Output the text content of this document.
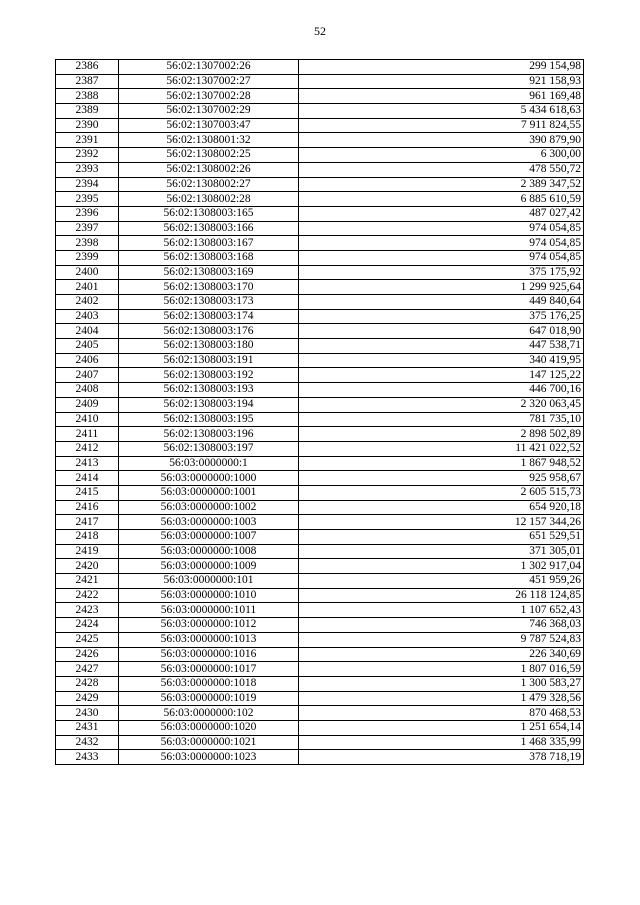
52
2386	56:02:1307002:26	299 154,98
2387	56:02:1307002:27	921 158,93
2388	56:02:1307002:28	961 169,48
2389	56:02:1307002:29	5 434 618,63
2390	56:02:1307003:47	7 911 824,55
2391	56:02:1308001:32	390 879,90
2392	56:02:1308002:25	6 300,00
2393	56:02:1308002:26	478 550,72
2394	56:02:1308002:27	2 389 347,52
2395	56:02:1308002:28	6 885 610,59
2396	56:02:1308003:165	487 027,42
2397	56:02:1308003:166	974 054,85
2398	56:02:1308003:167	974 054,85
2399	56:02:1308003:168	974 054,85
2400	56:02:1308003:169	375 175,92
2401	56:02:1308003:170	1 299 925,64
2402	56:02:1308003:173	449 840,64
2403	56:02:1308003:174	375 176,25
2404	56:02:1308003:176	647 018,90
2405	56:02:1308003:180	447 538,71
2406	56:02:1308003:191	340 419,95
2407	56:02:1308003:192	147 125,22
2408	56:02:1308003:193	446 700,16
2409	56:02:1308003:194	2 320 063,45
2410	56:02:1308003:195	781 735,10
2411	56:02:1308003:196	2 898 502,89
2412	56:02:1308003:197	11 421 022,52
2413	56:03:0000000:1	1 867 948,52
2414	56:03:0000000:1000	925 958,67
2415	56:03:0000000:1001	2 605 515,73
2416	56:03:0000000:1002	654 920,18
2417	56:03:0000000:1003	12 157 344,26
2418	56:03:0000000:1007	651 529,51
2419	56:03:0000000:1008	371 305,01
2420	56:03:0000000:1009	1 302 917,04
2421	56:03:0000000:101	451 959,26
2422	56:03:0000000:1010	26 118 124,85
2423	56:03:0000000:1011	1 107 652,43
2424	56:03:0000000:1012	746 368,03
2425	56:03:0000000:1013	9 787 524,83
2426	56:03:0000000:1016	226 340,69
2427	56:03:0000000:1017	1 807 016,59
2428	56:03:0000000:1018	1 300 583,27
2429	56:03:0000000:1019	1 479 328,56
2430	56:03:0000000:102	870 468,53
2431	56:03:0000000:1020	1 251 654,14
2432	56:03:0000000:1021	1 468 335,99
2433	56:03:0000000:1023	378 718,19
